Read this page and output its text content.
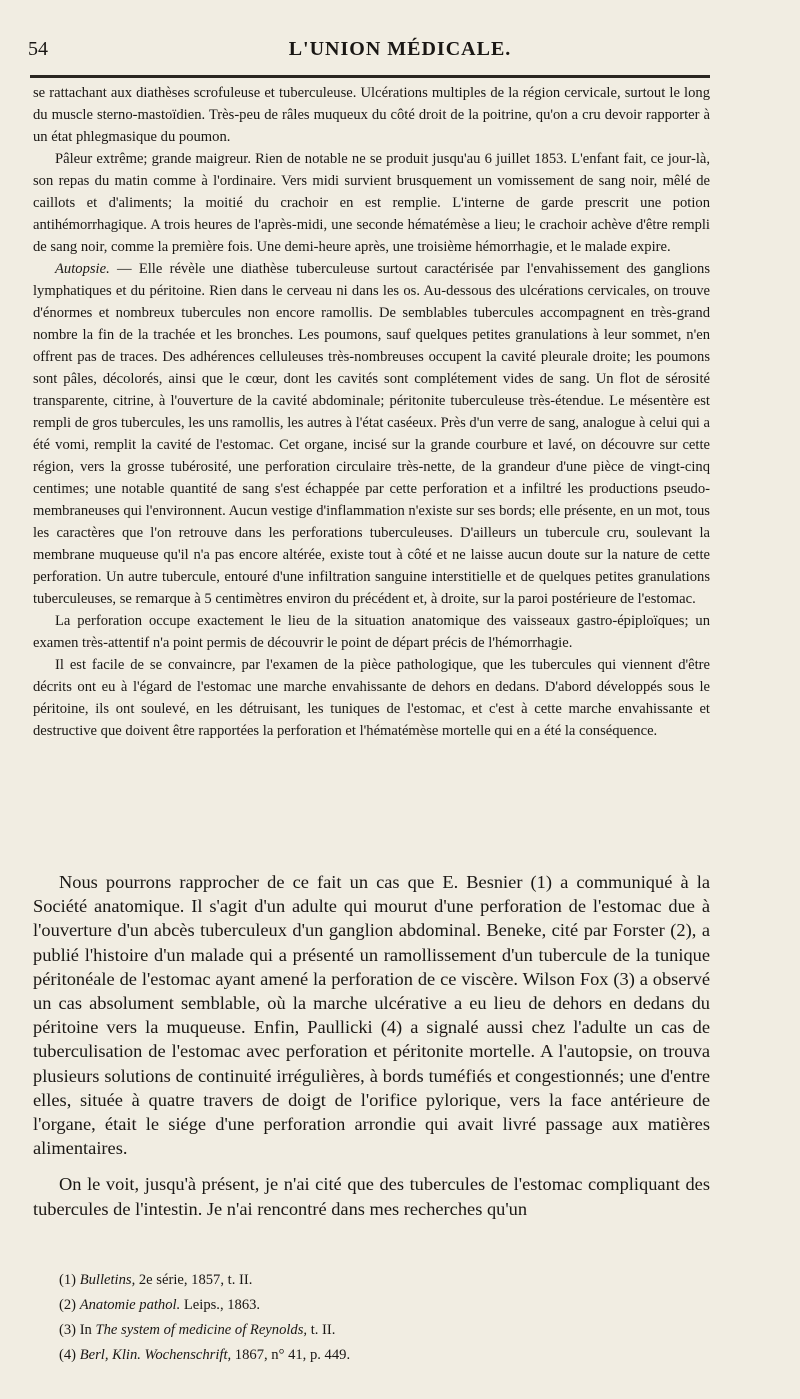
54	L'UNION MÉDICALE.

se rattachant aux diathèses scrofuleuse et tuberculeuse. Ulcérations multiples de la région cervicale, surtout le long du muscle sterno-mastoïdien. Très-peu de râles muqueux du côté droit de la poitrine, qu'on a cru devoir rapporter à un état phlegmasique du poumon.

Pâleur extrême; grande maigreur. Rien de notable ne se produit jusqu'au 6 juillet 1853. L'enfant fait, ce jour-là, son repas du matin comme à l'ordinaire. Vers midi survient brusquement un vomissement de sang noir, mêlé de caillots et d'aliments; la moitié du crachoir en est remplie. L'interne de garde prescrit une potion antihémorrhagique. A trois heures de l'après-midi, une seconde hématémèse a lieu; le crachoir achève d'être rempli de sang noir, comme la première fois. Une demi-heure après, une troisième hémorrhagie, et le malade expire.

Autopsie. — Elle révèle une diathèse tuberculeuse surtout caractérisée par l'envahissement des ganglions lymphatiques et du péritoine. Rien dans le cerveau ni dans les os. Au-dessous des ulcérations cervicales, on trouve d'énormes et nombreux tubercules non encore ramollis. De semblables tubercules accompagnent en très-grand nombre la fin de la trachée et les bronches. Les poumons, sauf quelques petites granulations à leur sommet, n'en offrent pas de traces. Des adhérences celluleuses très-nombreuses occupent la cavité pleurale droite; les poumons sont pâles, décolorés, ainsi que le cœur, dont les cavités sont complétement vides de sang. Un flot de sérosité transparente, citrine, à l'ouverture de la cavité abdominale; péritonite tuberculeuse très-étendue. Le mésentère est rempli de gros tubercules, les uns ramollis, les autres à l'état caséeux. Près d'un verre de sang, analogue à celui qui a été vomi, remplit la cavité de l'estomac. Cet organe, incisé sur la grande courbure et lavé, on découvre sur cette région, vers la grosse tubérosité, une perforation circulaire très-nette, de la grandeur d'une pièce de vingt-cinq centimes; une notable quantité de sang s'est échappée par cette perforation et a infiltré les productions pseudo-membraneuses qui l'environnent. Aucun vestige d'inflammation n'existe sur ses bords; elle présente, en un mot, tous les caractères que l'on retrouve dans les perforations tuberculeuses. D'ailleurs un tubercule cru, soulevant la membrane muqueuse qu'il n'a pas encore altérée, existe tout à côté et ne laisse aucun doute sur la nature de cette perforation. Un autre tubercule, entouré d'une infiltration sanguine interstitielle et de quelques petites granulations tuberculeuses, se remarque à 5 centimètres environ du précédent et, à droite, sur la paroi postérieure de l'estomac.

La perforation occupe exactement le lieu de la situation anatomique des vaisseaux gastro-épiploïques; un examen très-attentif n'a point permis de découvrir le point de départ précis de l'hémorrhagie.

Il est facile de se convaincre, par l'examen de la pièce pathologique, que les tubercules qui viennent d'être décrits ont eu à l'égard de l'estomac une marche envahissante de dehors en dedans. D'abord développés sous le péritoine, ils ont soulevé, en les détruisant, les tuniques de l'estomac, et c'est à cette marche envahissante et destructive que doivent être rapportées la perforation et l'hématémèse mortelle qui en a été la conséquence.

Nous pourrons rapprocher de ce fait un cas que E. Besnier (1) a communiqué à la Société anatomique. Il s'agit d'un adulte qui mourut d'une perforation de l'estomac due à l'ouverture d'un abcès tuberculeux d'un ganglion abdominal. Beneke, cité par Forster (2), a publié l'histoire d'un malade qui a présenté un ramollissement d'un tubercule de la tunique péritonéale de l'estomac ayant amené la perforation de ce viscère. Wilson Fox (3) a observé un cas absolument semblable, où la marche ulcérative a eu lieu de dehors en dedans du péritoine vers la muqueuse. Enfin, Paullicki (4) a signalé aussi chez l'adulte un cas de tuberculisation de l'estomac avec perforation et péritonite mortelle. A l'autopsie, on trouva plusieurs solutions de continuité irrégulières, à bords tuméfiés et congestionnés; une d'entre elles, située à quatre travers de doigt de l'orifice pylorique, vers la face antérieure de l'organe, était le siége d'une perforation arrondie qui avait livré passage aux matières alimentaires.

On le voit, jusqu'à présent, je n'ai cité que des tubercules de l'estomac compliquant des tubercules de l'intestin. Je n'ai rencontré dans mes recherches qu'un

(1) Bulletins, 2e série, 1857, t. II.
(2) Anatomie pathol. Leips., 1863.
(3) In The system of medicine of Reynolds, t. II.
(4) Berl, Klin. Wochenschrift, 1867, n° 41, p. 449.
